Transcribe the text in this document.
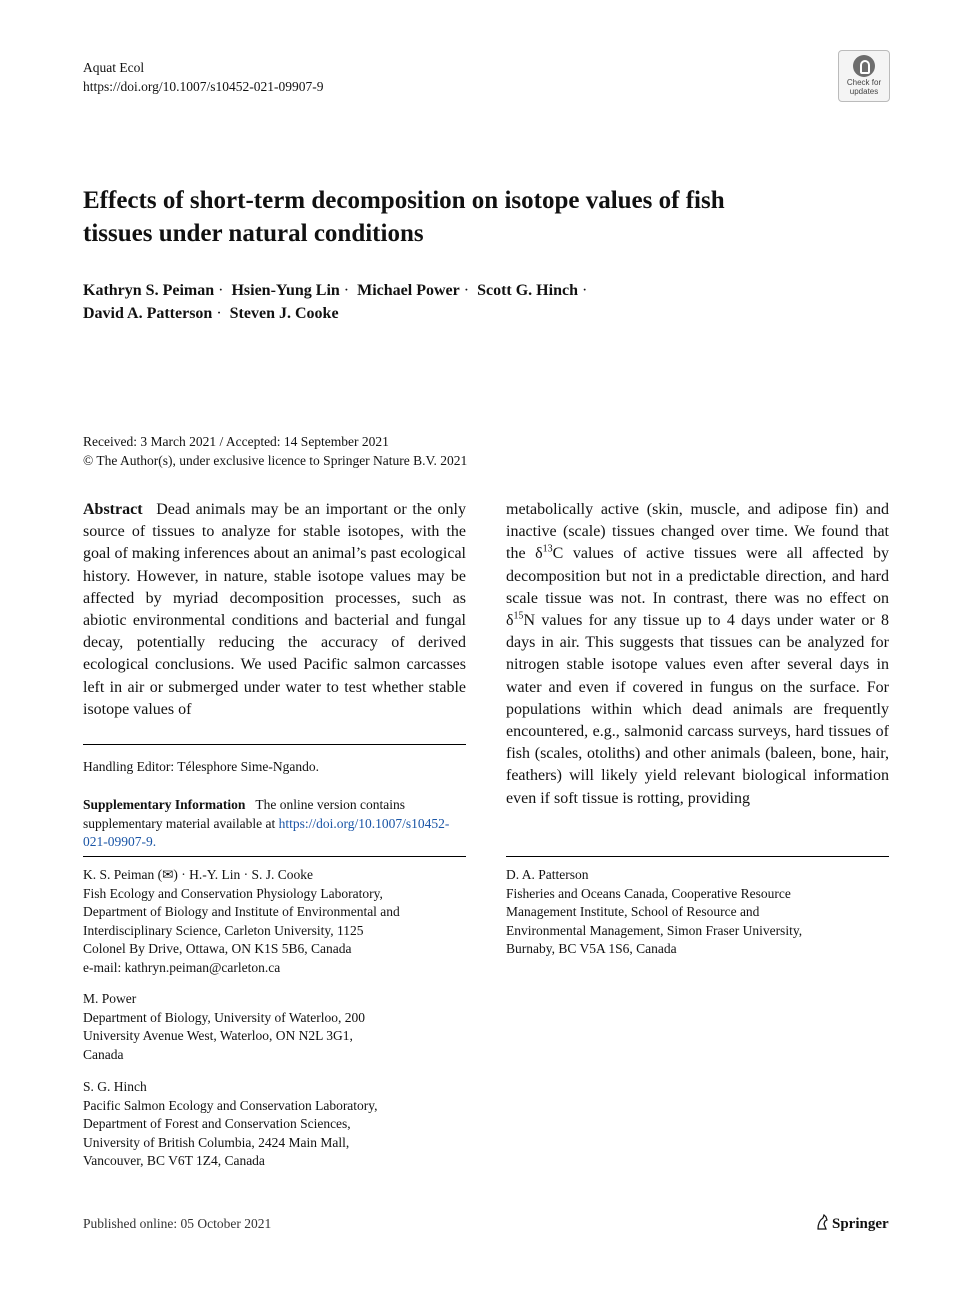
Aquat Ecol
https://doi.org/10.1007/s10452-021-09907-9	Check for
updates
Effects of short-term decomposition on isotope values of fish
tissues under natural conditions
Kathryn S. Peiman · Hsien-Yung Lin · Michael Power · Scott G. Hinch ·
David A. Patterson · Steven J. Cooke
Received: 3 March 2021 / Accepted: 14 September 2021
© The Author(s), under exclusive licence to Springer Nature B.V. 2021
Abstract Dead animals may be an important or the only source of tissues to analyze for stable isotopes, with the goal of making inferences about an animal’s past ecological history. However, in nature, stable isotope values may be affected by myriad decomposition processes, such as abiotic environmental conditions and bacterial and fungal decay, potentially reducing the accuracy of derived ecological conclusions. We used Pacific salmon carcasses left in air or submerged under water to test whether stable isotope values of
metabolically active (skin, muscle, and adipose fin) and inactive (scale) tissues changed over time. We found that the $\delta^{13}C$ values of active tissues were all affected by decomposition but not in a predictable direction, and hard scale tissue was not. In contrast, there was no effect on $\delta^{15}N$ values for any tissue up to 4 days under water or 8 days in air. This suggests that tissues can be analyzed for nitrogen stable isotope values even after several days in water and even if covered in fungus on the surface. For populations within which dead animals are frequently encountered, e.g., salmonid carcass surveys, hard tissues of fish (scales, otoliths) and other animals (baleen, bone, hair, feathers) will likely yield relevant biological information even if soft tissue is rotting, providing
Handling Editor: Télesphore Sime-Ngando.
Supplementary Information The online version contains supplementary material available at https://doi.org/10.1007/s10452-021-09907-9.
K. S. Peiman (✉) · H.-Y. Lin · S. J. Cooke
Fish Ecology and Conservation Physiology Laboratory,
Department of Biology and Institute of Environmental and
Interdisciplinary Science, Carleton University, 1125
Colonel By Drive, Ottawa, ON K1S 5B6, Canada
e-mail: kathryn.peiman@carleton.ca
M. Power
Department of Biology, University of Waterloo, 200
University Avenue West, Waterloo, ON N2L 3G1,
Canada
S. G. Hinch
Pacific Salmon Ecology and Conservation Laboratory,
Department of Forest and Conservation Sciences,
University of British Columbia, 2424 Main Mall,
Vancouver, BC V6T 1Z4, Canada
D. A. Patterson
Fisheries and Oceans Canada, Cooperative Resource
Management Institute, School of Resource and
Environmental Management, Simon Fraser University,
Burnaby, BC V5A 1S6, Canada
Published online: 05 October 2021	Springer
